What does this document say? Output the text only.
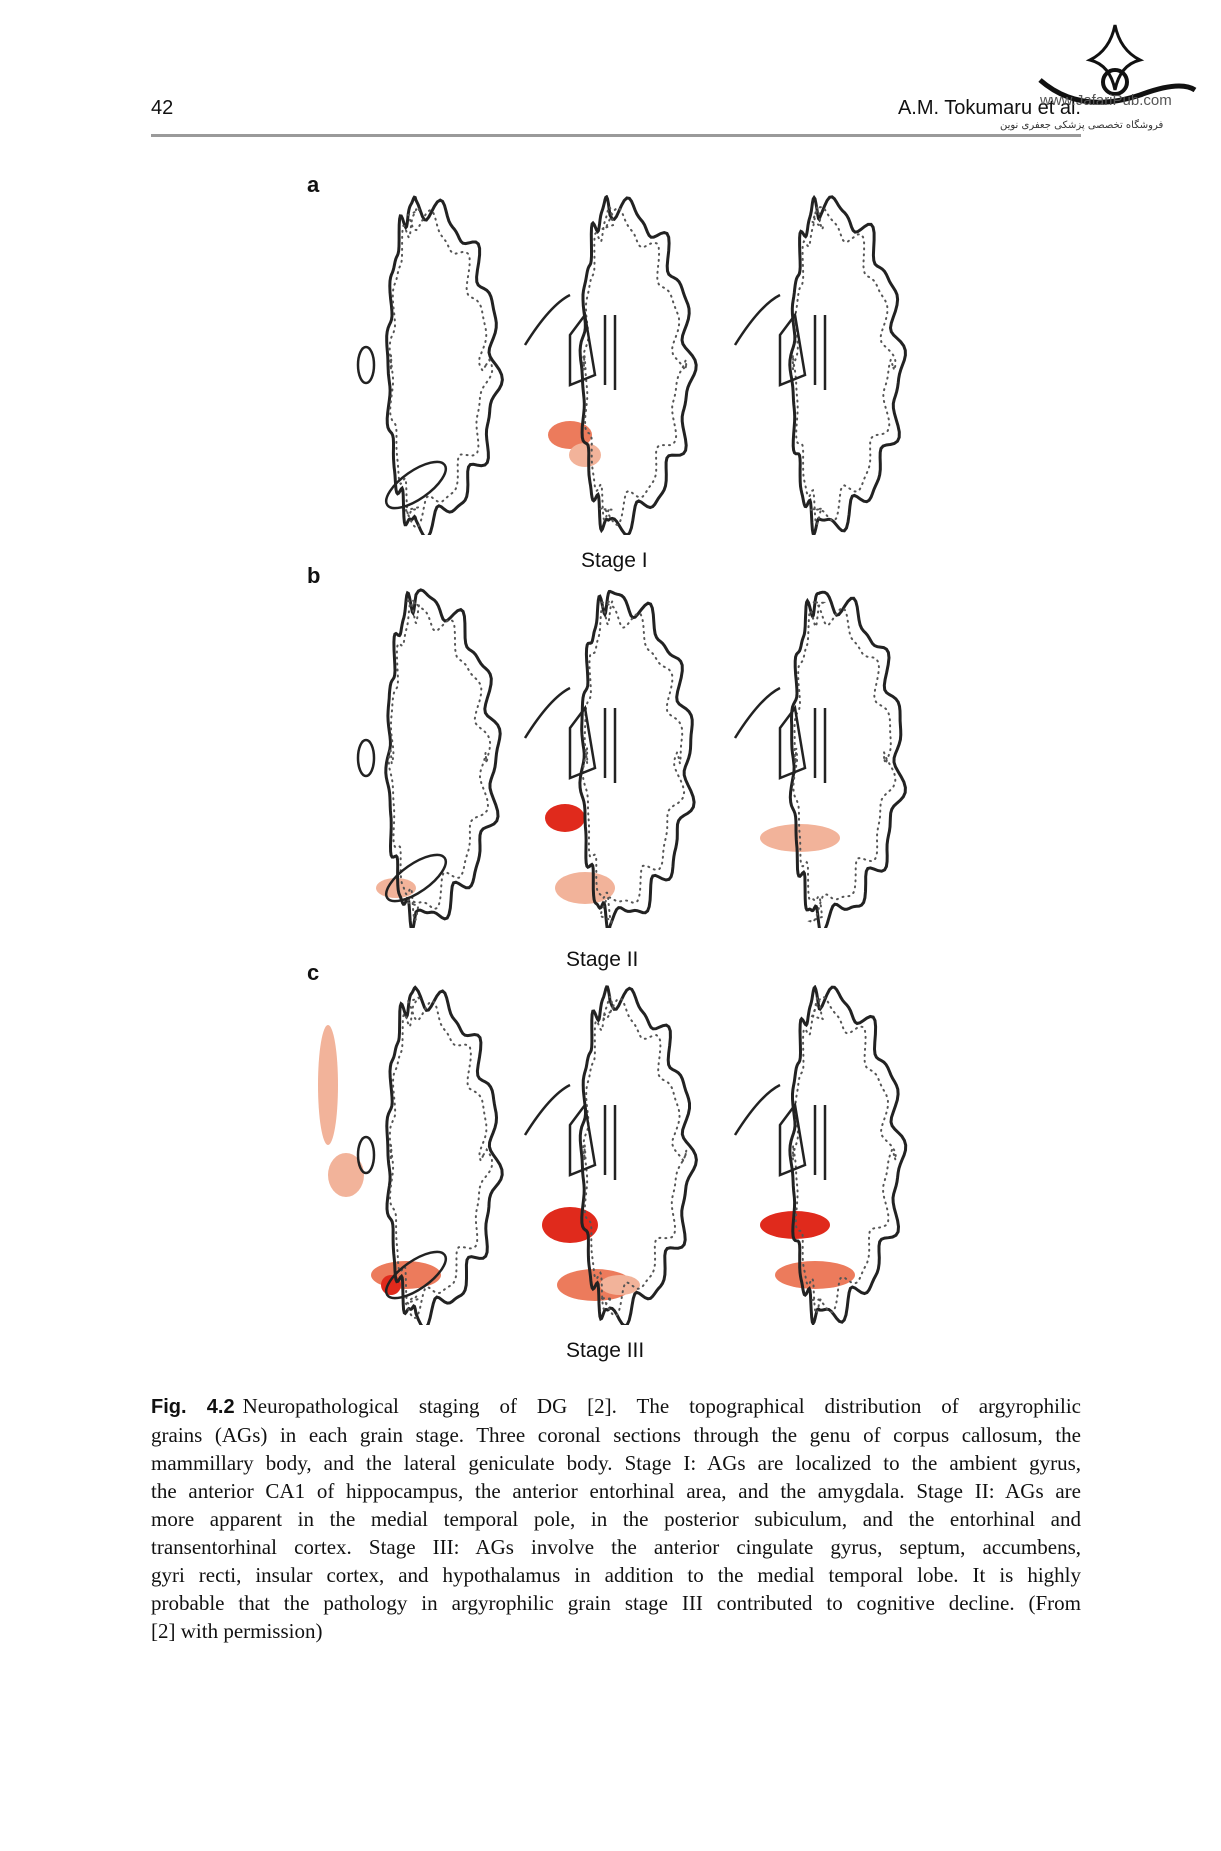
42	A.M. Tokumaru et al.
www.JafariPub.com
فروشگاه تخصصی پزشکی جعفری نوین
a
b
c
Stage I
Stage II
Stage III
Fig. 4.2 Neuropathological staging of DG [2]. The topographical distribution of argyrophilic
grains (AGs) in each grain stage. Three coronal sections through the genu of corpus callosum, the
mammillary body, and the lateral geniculate body. Stage I: AGs are localized to the ambient gyrus,
the anterior CA1 of hippocampus, the anterior entorhinal area, and the amygdala. Stage II: AGs are
more apparent in the medial temporal pole, in the posterior subiculum, and the entorhinal and
transentorhinal cortex. Stage III: AGs involve the anterior cingulate gyrus, septum, accumbens,
gyri recti, insular cortex, and hypothalamus in addition to the medial temporal lobe. It is highly
probable that the pathology in argyrophilic grain stage III contributed to cognitive decline. (From
[2] with permission)
